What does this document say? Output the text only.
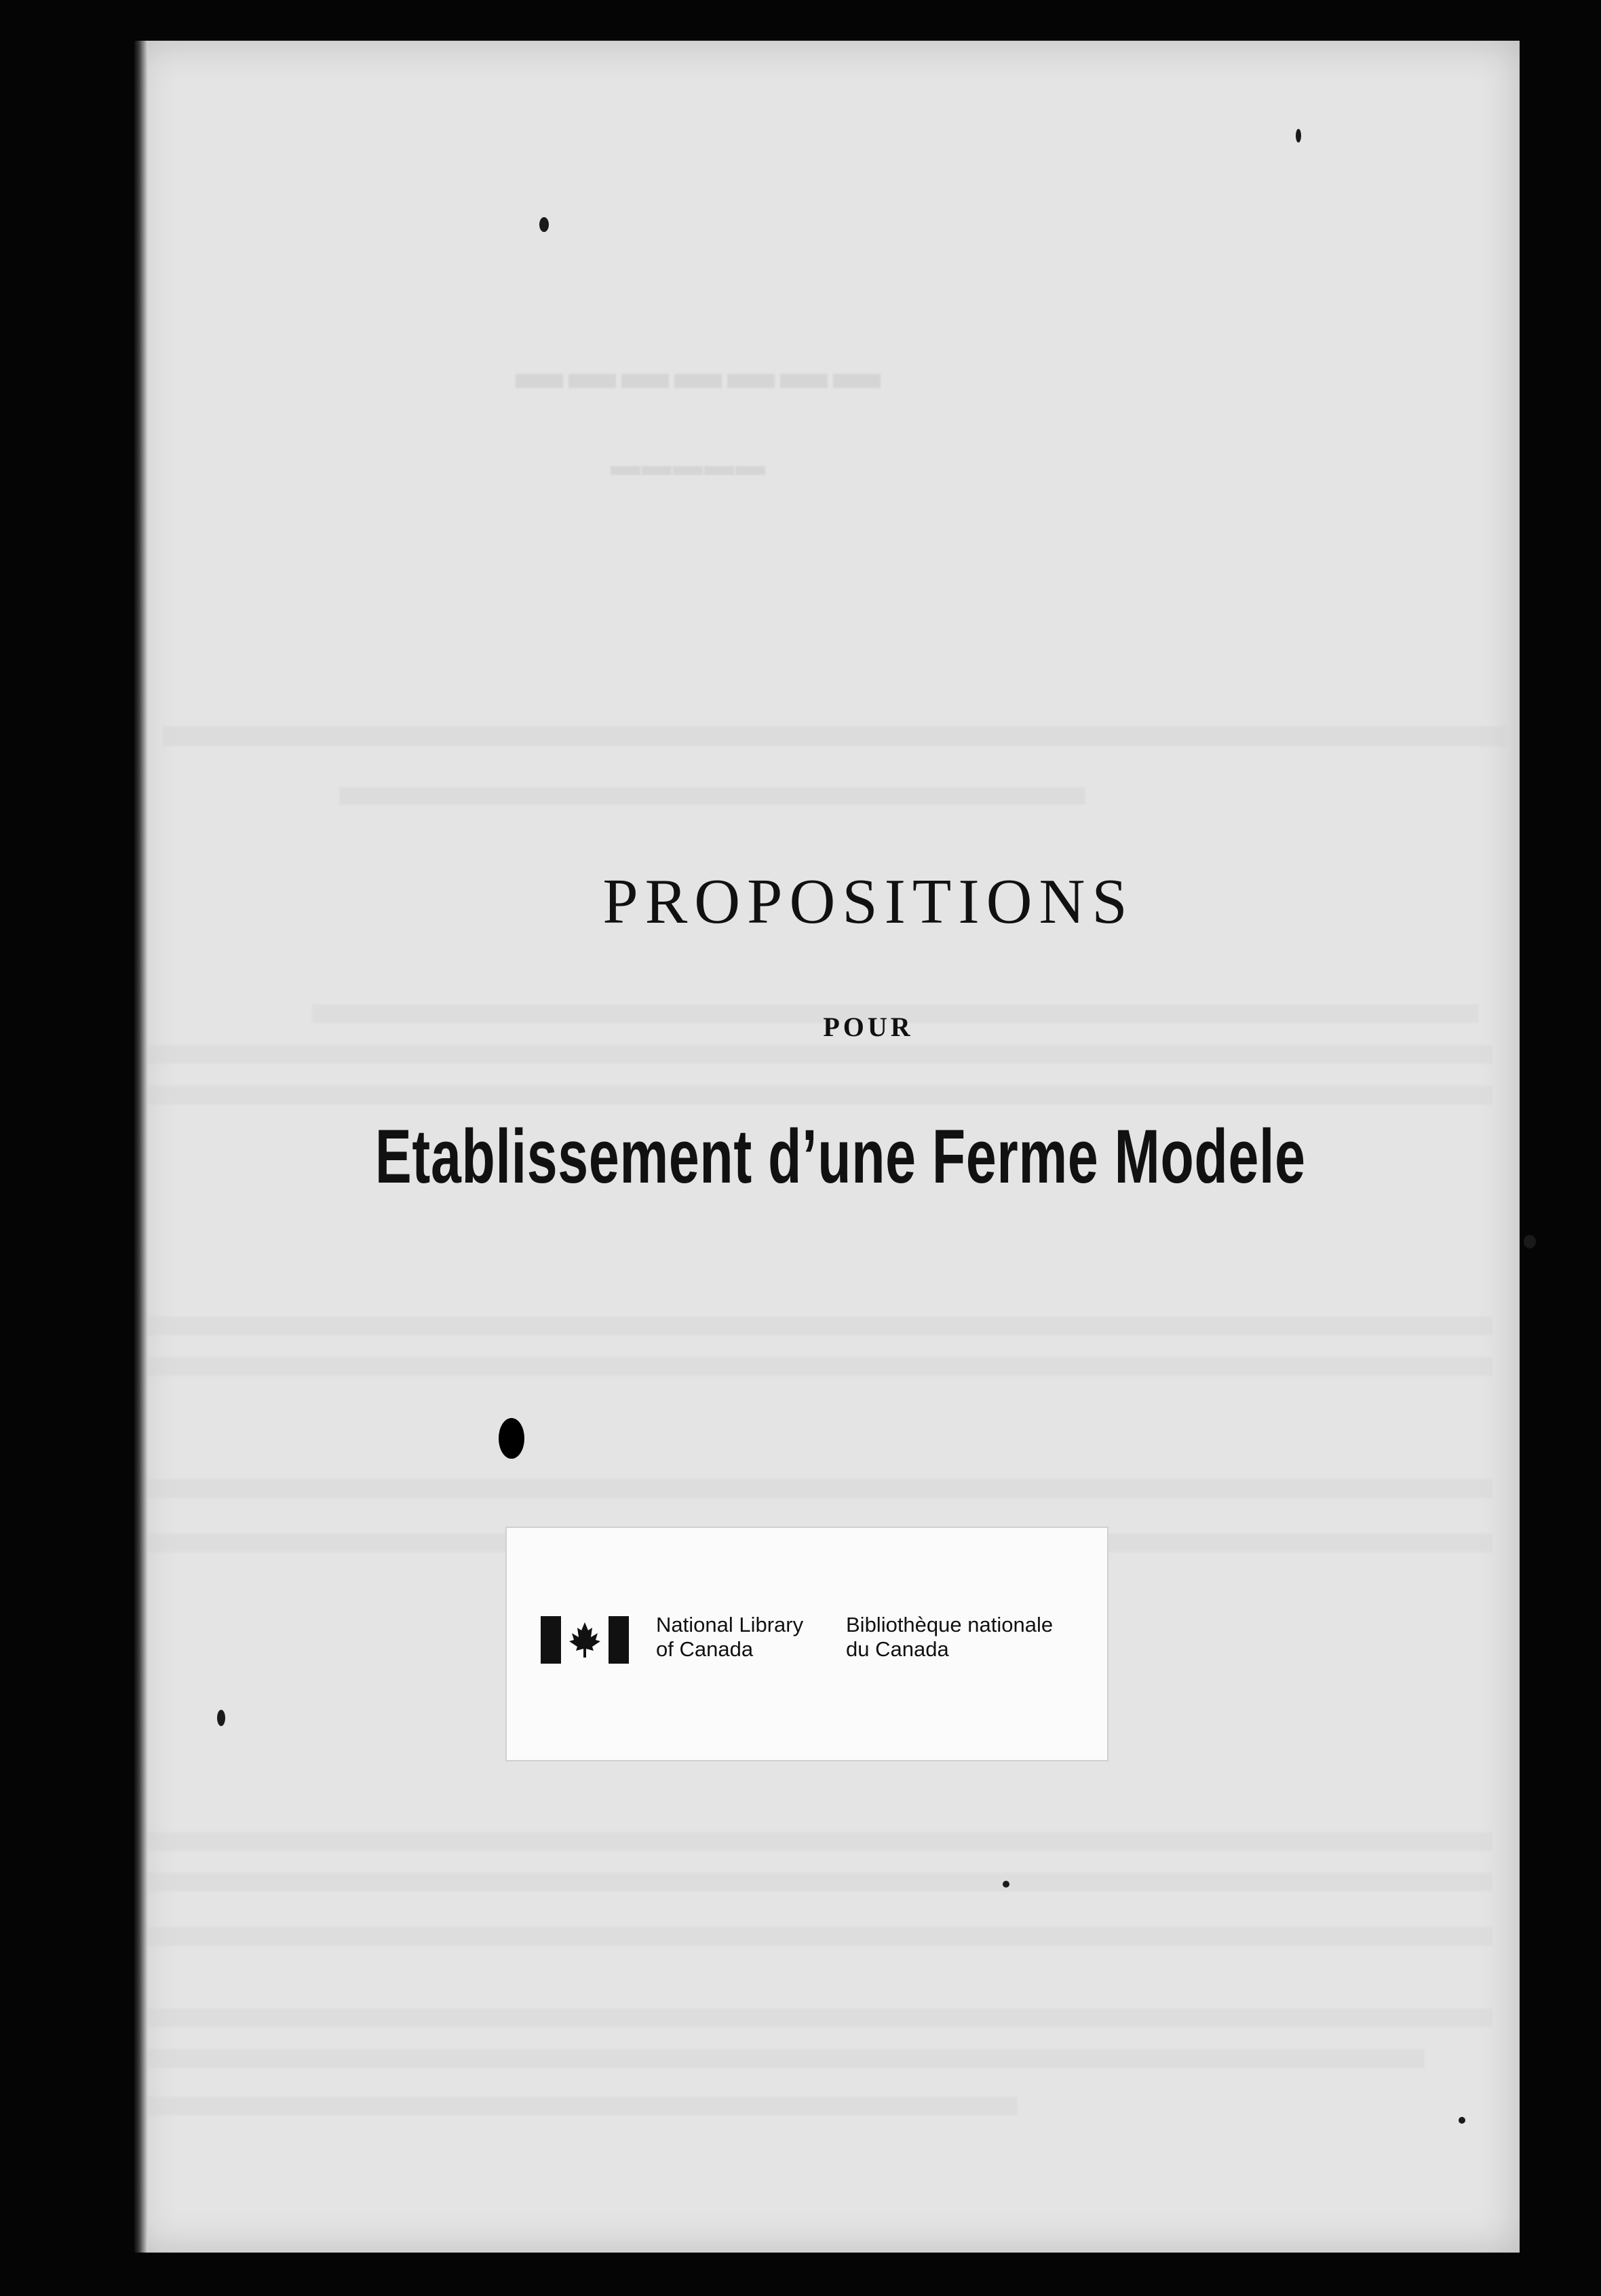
▬▬▬▬▬▬▬
▬▬▬▬▬
PROPOSITIONS
POUR
Etablissement d’une Ferme Modele
National Library
of Canada
Bibliothèque nationale
du Canada
